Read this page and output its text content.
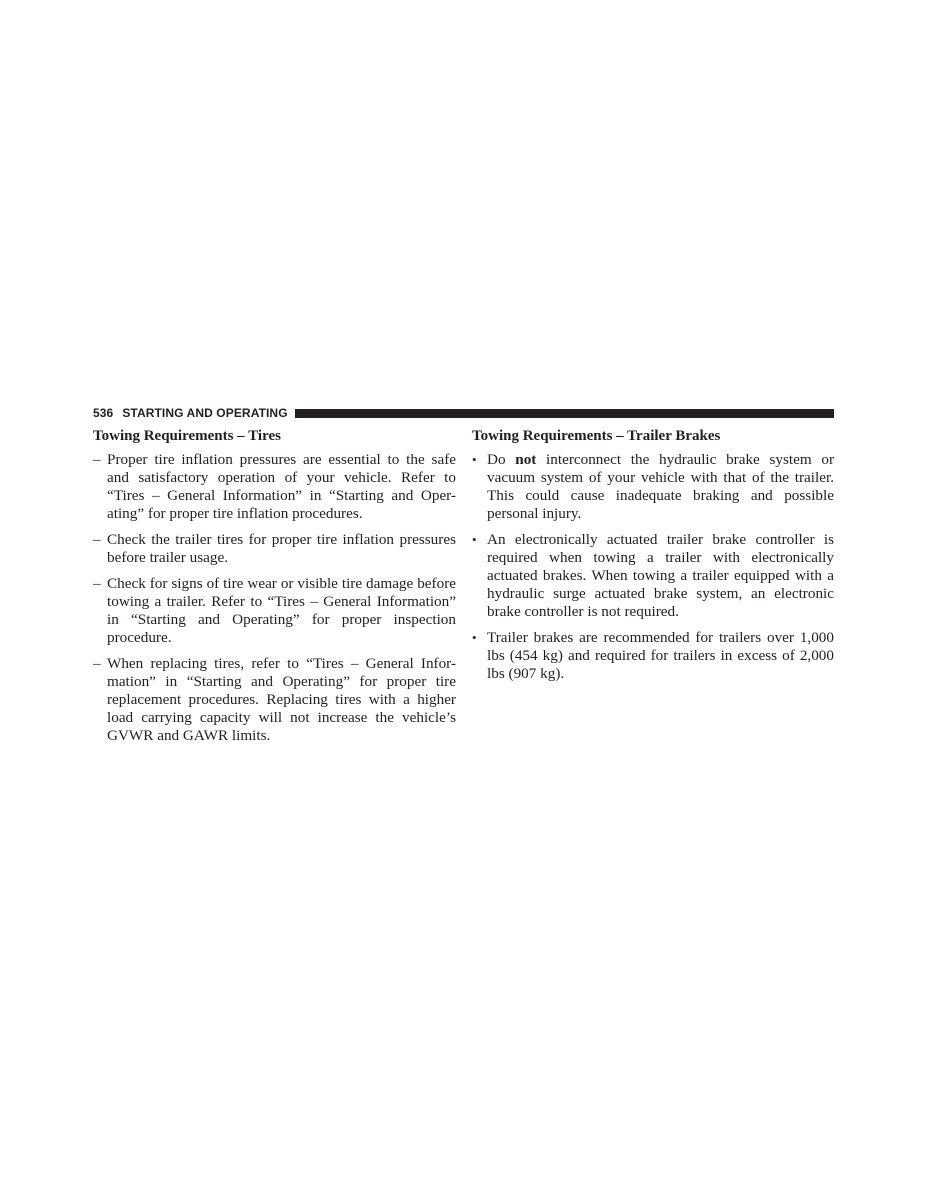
536 STARTING AND OPERATING
Towing Requirements – Tires
– Proper tire inflation pressures are essential to the safe and satisfactory operation of your vehicle. Refer to “Tires – General Information” in “Starting and Oper-ating” for proper tire inflation procedures.
– Check the trailer tires for proper tire inflation pressures before trailer usage.
– Check for signs of tire wear or visible tire damage before towing a trailer. Refer to “Tires – General Information” in “Starting and Operating” for proper inspection procedure.
– When replacing tires, refer to “Tires – General Infor-mation” in “Starting and Operating” for proper tire replacement procedures. Replacing tires with a higher load carrying capacity will not increase the vehicle’s GVWR and GAWR limits.
Towing Requirements – Trailer Brakes
• Do not interconnect the hydraulic brake system or vacuum system of your vehicle with that of the trailer. This could cause inadequate braking and possible personal injury.
• An electronically actuated trailer brake controller is required when towing a trailer with electronically actuated brakes. When towing a trailer equipped with a hydraulic surge actuated brake system, an electronic brake controller is not required.
• Trailer brakes are recommended for trailers over 1,000 lbs (454 kg) and required for trailers in excess of 2,000 lbs (907 kg).
